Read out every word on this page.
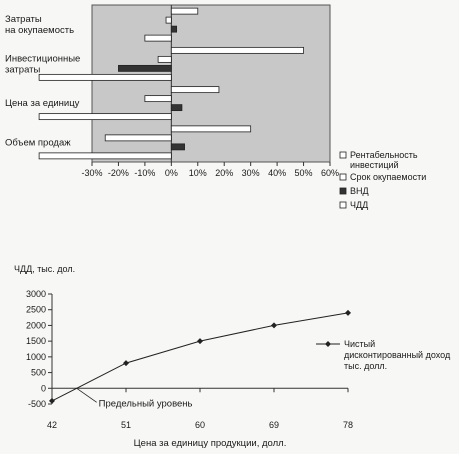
-30% -20% -10% 0% 10% 20% 30% 40% 50% 60%
Затраты
на окупаемость
Инвестиционные
затраты
Цена за единицу
Объем продаж
Рентабельность
инвестиций
Срок окупаемости
ВНД
ЧДД
ЧДД, тыс. дол.
3000
2500
2000
1500
1000
500
0
-500
42	51	60	69	78
Цена за единицу продукции, долл.
Предельный уровень
Чистый
дисконтированный доход
тыс. долл.
